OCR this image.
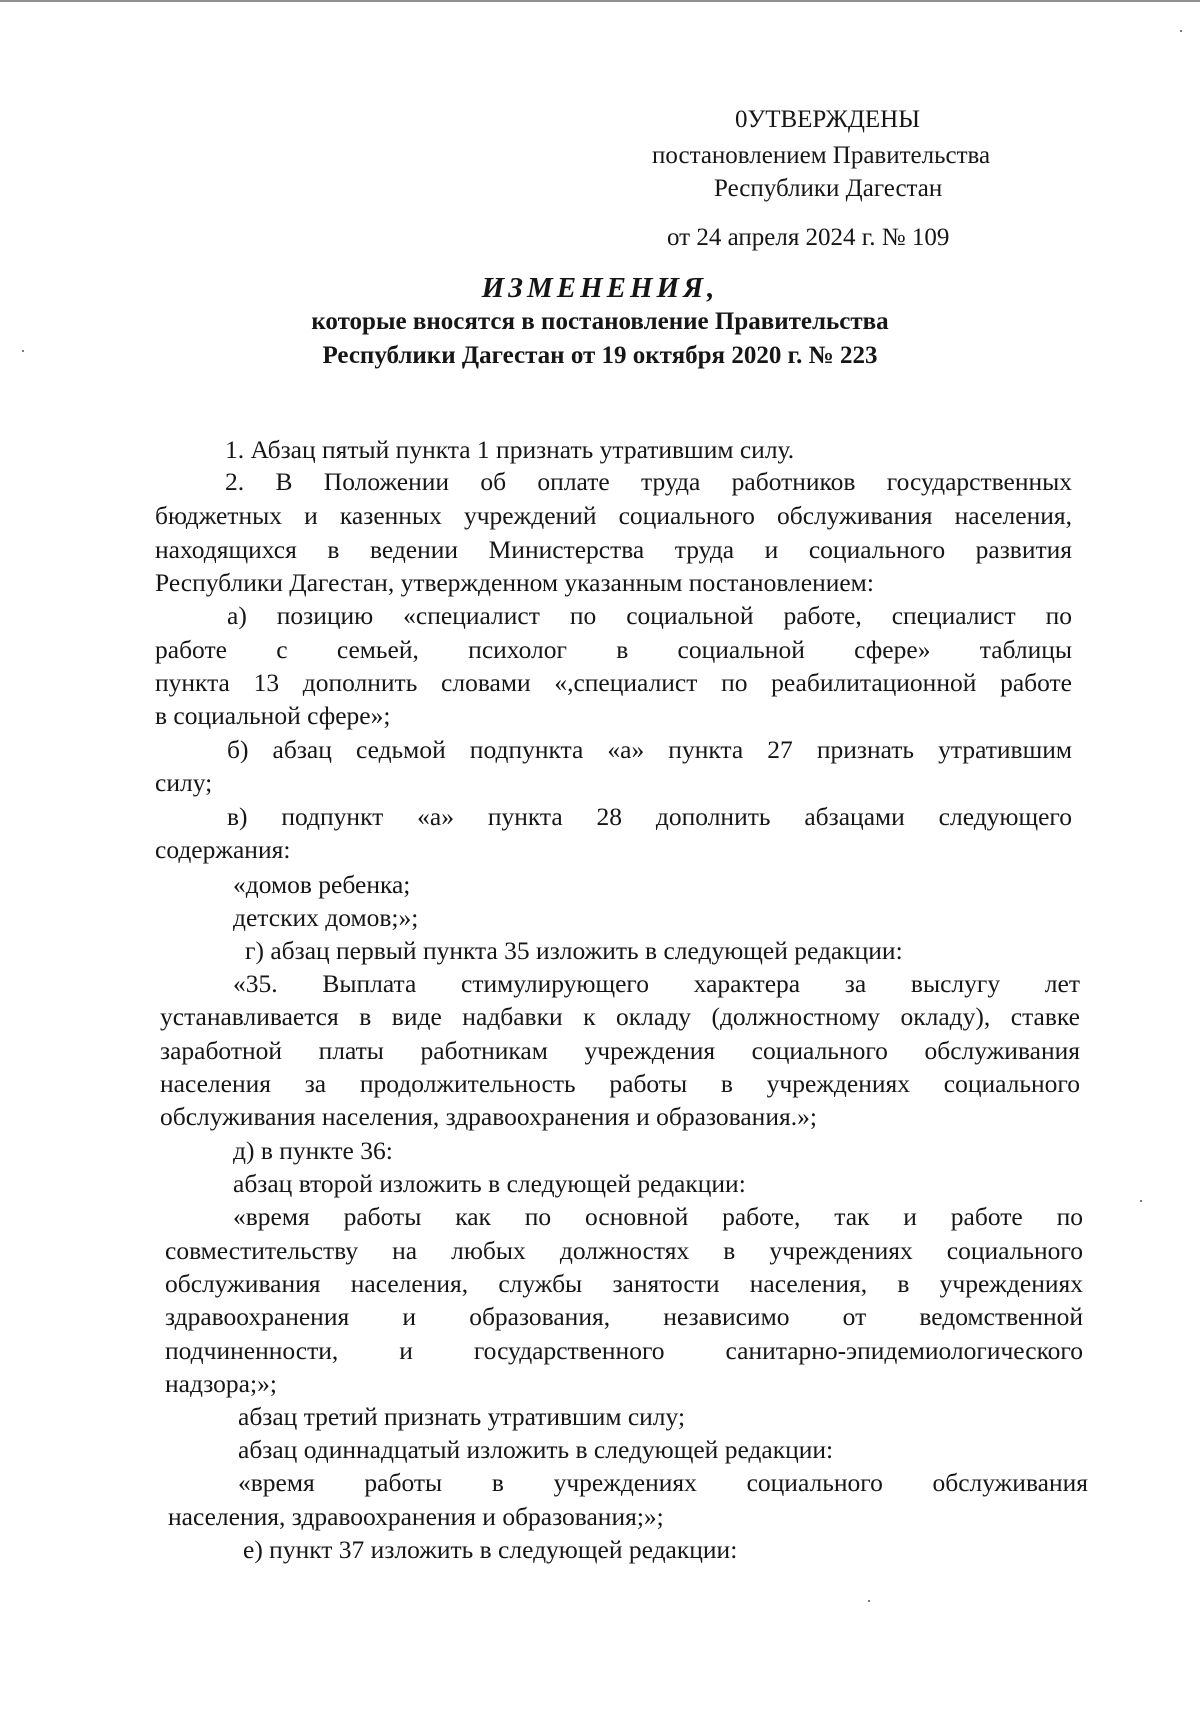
0УТВЕРЖДЕНЫ
постановлением Правительства
Республики Дагестан
от 24 апреля 2024 г. № 109
ИЗМЕНЕНИЯ,
которые вносятся в постановление Правительства
Республики Дагестан от 19 октября 2020 г. № 223
1. Абзац пятый пункта 1 признать утратившим силу.
2. В Положении об оплате труда работников государственных
бюджетных и казенных учреждений социального обслуживания населения,
находящихся в ведении Министерства труда и социального развития
Республики Дагестан, утвержденном указанным постановлением:
а) позицию «специалист по социальной работе, специалист по
работе с семьей, психолог в социальной сфере» таблицы
пункта 13 дополнить словами «,специалист по реабилитационной работе
в социальной сфере»;
б) абзац седьмой подпункта «а» пункта 27 признать утратившим
силу;
в) подпункт «а» пункта 28 дополнить абзацами следующего
содержания:
«домов ребенка;
детских домов;»;
г) абзац первый пункта 35 изложить в следующей редакции:
«35. Выплата стимулирующего характера за выслугу лет
устанавливается в виде надбавки к окладу (должностному окладу), ставке
заработной платы работникам учреждения социального обслуживания
населения за продолжительность работы в учреждениях социального
обслуживания населения, здравоохранения и образования.»;
д) в пункте 36:
абзац второй изложить в следующей редакции:
«время работы как по основной работе, так и работе по
совместительству на любых должностях в учреждениях социального
обслуживания населения, службы занятости населения, в учреждениях
здравоохранения и образования, независимо от ведомственной
подчиненности, и государственного санитарно-эпидемиологического
надзора;»;
абзац третий признать утратившим силу;
абзац одиннадцатый изложить в следующей редакции:
«время работы в учреждениях социального обслуживания
населения, здравоохранения и образования;»;
е) пункт 37 изложить в следующей редакции:
